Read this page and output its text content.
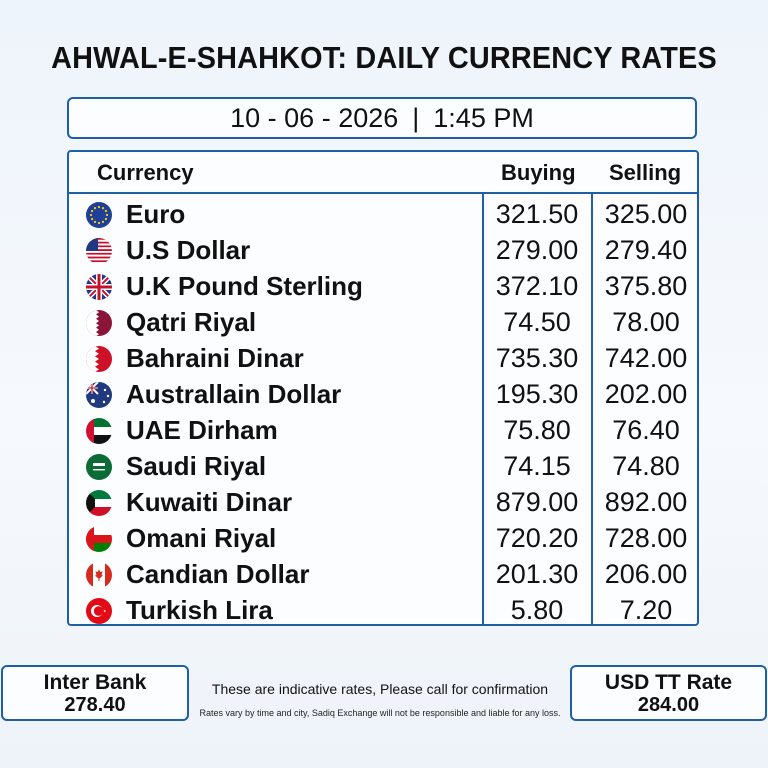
AHWAL-E-SHAHKOT: DAILY CURRENCY RATES
10 - 06 - 2026 | 1:45 PM
Currency	Buying Selling
Euro	321.50 325.00
U.S Dollar	279.00 279.40
U.K Pound Sterling	372.10 375.80
Qatri Riyal	74.50	78.00
Bahraini Dinar	735.30 742.00
Australlain Dollar	195.30 202.00
UAE Dirham	75.80	76.40
Saudi Riyal	74.15	74.80
Kuwaiti Dinar	879.00 892.00
Omani Riyal	720.20 728.00
Candian Dollar	201.30 206.00
Turkish Lira	5.80	7.20
Inter Bank
278.40
These are indicative rates, Please call for confirmation
Rates vary by time and city, Sadiq Exchange will not be responsible and liable for any loss.
USD TT Rate
284.00
